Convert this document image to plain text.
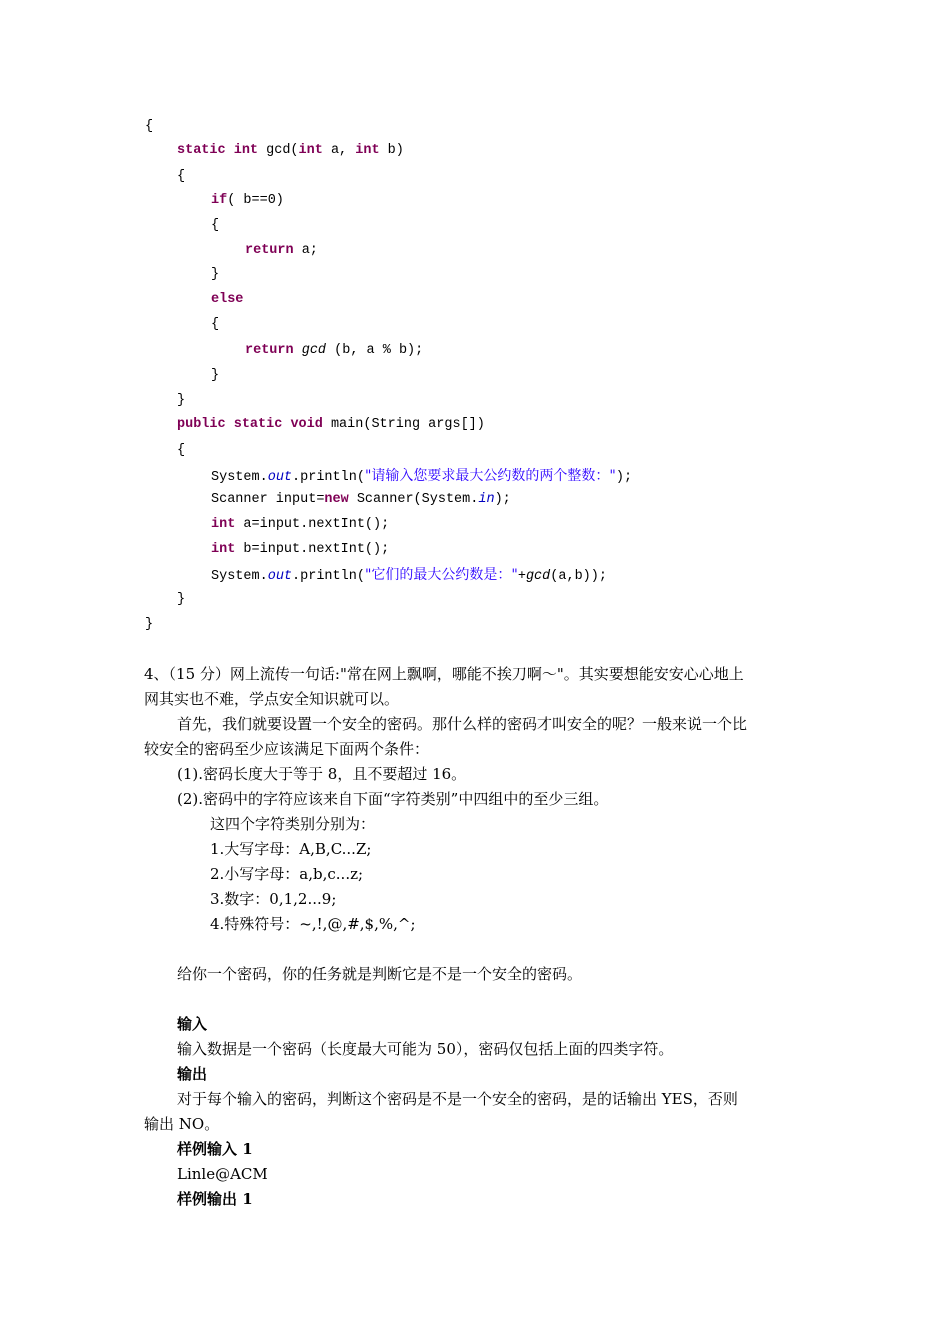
{

static int gcd(int a, int b)

{

if( b==0)

{

return a;

}

else

{

return gcd (b, a % b);

}

}

public static void main(String args[])

{

System.out.println("请输入您要求最大公约数的两个整数：");

Scanner input=new Scanner(System.in);

int a=input.nextInt();

int b=input.nextInt();

System.out.println("它们的最大公约数是："+gcd(a,b));

}

}

4、（15 分）网上流传一句话:"常在网上飘啊，哪能不挨刀啊～"。其实要想能安安心心地上
网其实也不难，学点安全知识就可以。
首先，我们就要设置一个安全的密码。那什么样的密码才叫安全的呢？一般来说一个比
较安全的密码至少应该满足下面两个条件：
(1).密码长度大于等于 8，且不要超过 16。
(2).密码中的字符应该来自下面“字符类别”中四组中的至少三组。
这四个字符类别分别为：
1.大写字母：A,B,C...Z;
2.小写字母：a,b,c...z;
3.数字：0,1,2...9;
4.特殊符号：~,!,@,#,$,%,^;
给你一个密码，你的任务就是判断它是不是一个安全的密码。
输入
输入数据是一个密码（长度最大可能为 50），密码仅包括上面的四类字符。
输出
对于每个输入的密码，判断这个密码是不是一个安全的密码，是的话输出 YES，否则
输出 NO。
样例输入 1
Linle@ACM
样例输出 1
